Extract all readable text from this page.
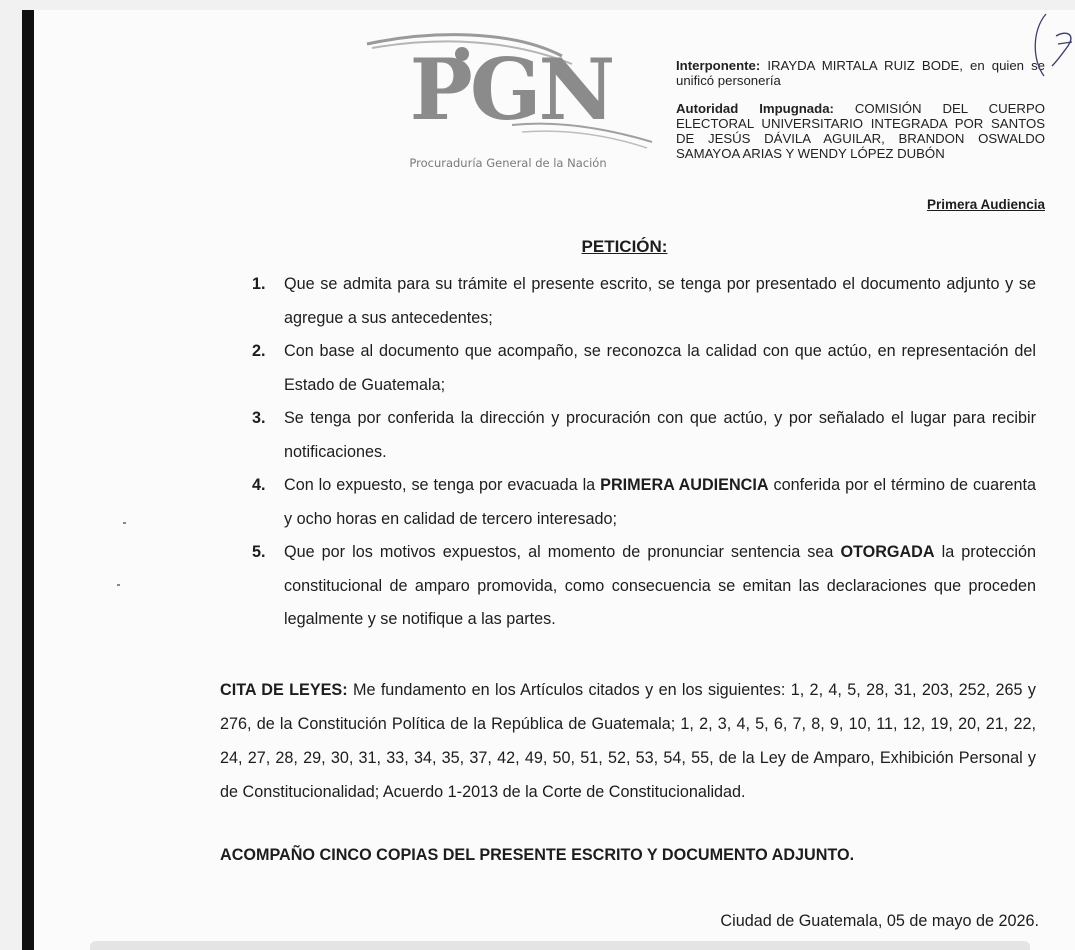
PGN
Procuraduría General de la Nación

Interponente: IRAYDA MIRTALA RUIZ BODE, en quien se unificó personería

Autoridad Impugnada: COMISIÓN DEL CUERPO ELECTORAL UNIVERSITARIO INTEGRADA POR SANTOS DE JESÚS DÁVILA AGUILAR, BRANDON OSWALDO SAMAYOA ARIAS Y WENDY LÓPEZ DUBÓN

Primera Audiencia
PETICIÓN:
1. Que se admita para su trámite el presente escrito, se tenga por presentado el documento adjunto y se agregue a sus antecedentes;
2. Con base al documento que acompaño, se reconozca la calidad con que actúo, en representación del Estado de Guatemala;
3. Se tenga por conferida la dirección y procuración con que actúo, y por señalado el lugar para recibir notificaciones.
4. Con lo expuesto, se tenga por evacuada la PRIMERA AUDIENCIA conferida por el término de cuarenta y ocho horas en calidad de tercero interesado;
5. Que por los motivos expuestos, al momento de pronunciar sentencia sea OTORGADA la protección constitucional de amparo promovida, como consecuencia se emitan las declaraciones que proceden legalmente y se notifique a las partes.
CITA DE LEYES: Me fundamento en los Artículos citados y en los siguientes: 1, 2, 4, 5, 28, 31, 203, 252, 265 y 276, de la Constitución Política de la República de Guatemala; 1, 2, 3, 4, 5, 6, 7, 8, 9, 10, 11, 12, 19, 20, 21, 22, 24, 27, 28, 29, 30, 31, 33, 34, 35, 37, 42, 49, 50, 51, 52, 53, 54, 55, de la Ley de Amparo, Exhibición Personal y de Constitucionalidad; Acuerdo 1-2013 de la Corte de Constitucionalidad.
ACOMPAÑO CINCO COPIAS DEL PRESENTE ESCRITO Y DOCUMENTO ADJUNTO.
Ciudad de Guatemala, 05 de mayo de 2026.
